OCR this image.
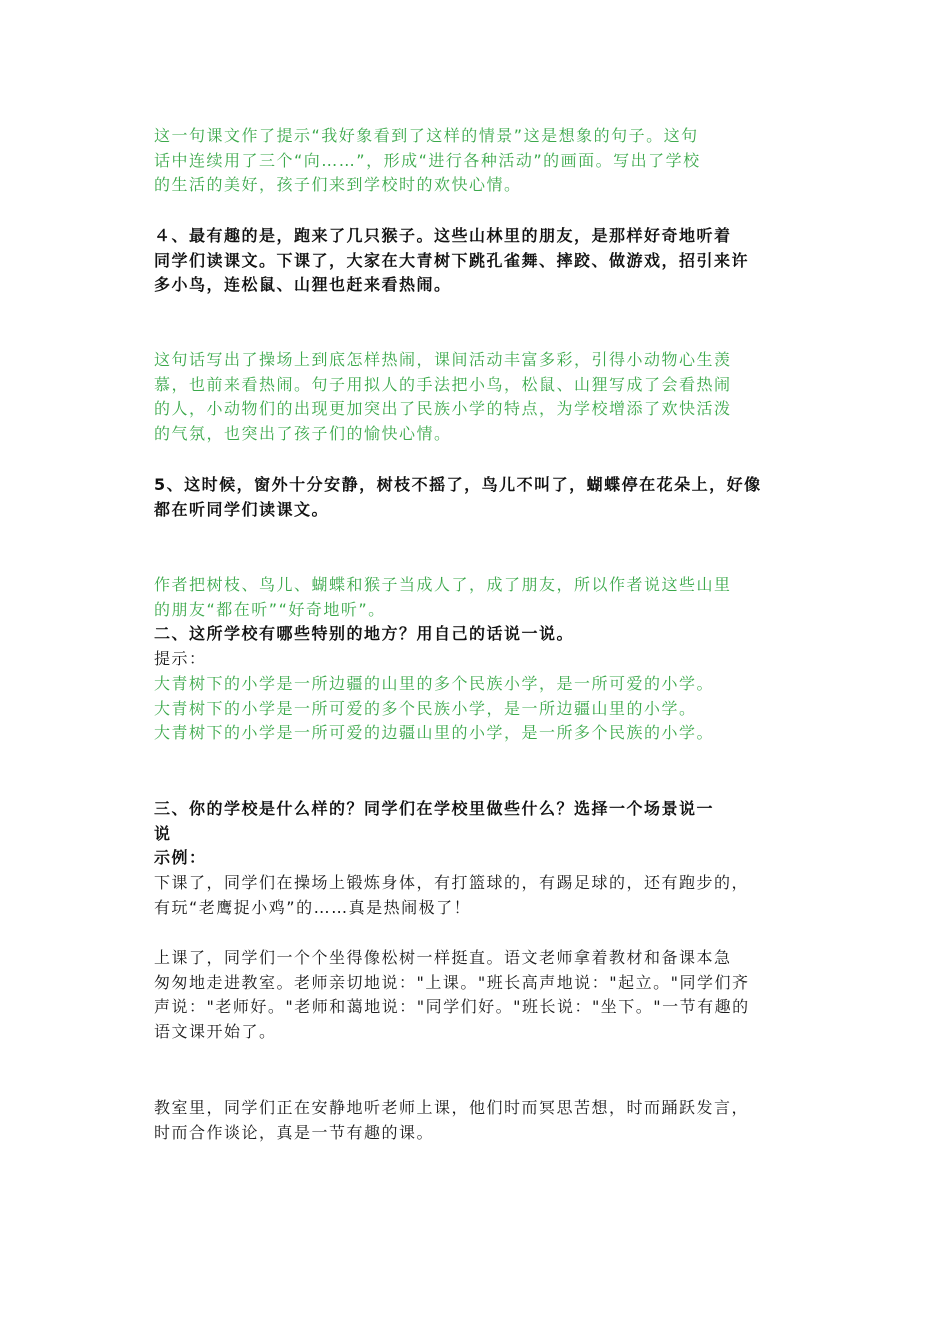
这一句课文作了提示“我好象看到了这样的情景”这是想象的句子。这句
话中连续用了三个“向……”，形成“进行各种活动”的画面。写出了学校
的生活的美好，孩子们来到学校时的欢快心情。
４、最有趣的是，跑来了几只猴子。这些山林里的朋友，是那样好奇地听着
同学们读课文。下课了，大家在大青树下跳孔雀舞、摔跤、做游戏，招引来许
多小鸟，连松鼠、山狸也赶来看热闹。
这句话写出了操场上到底怎样热闹，课间活动丰富多彩，引得小动物心生羡
慕，也前来看热闹。句子用拟人的手法把小鸟，松鼠、山狸写成了会看热闹
的人，小动物们的出现更加突出了民族小学的特点，为学校增添了欢快活泼
的气氛，也突出了孩子们的愉快心情。
5、这时候，窗外十分安静，树枝不摇了，鸟儿不叫了，蝴蝶停在花朵上，好像
都在听同学们读课文。
作者把树枝、鸟儿、蝴蝶和猴子当成人了，成了朋友，所以作者说这些山里
的朋友“都在听”“好奇地听”。
二、这所学校有哪些特别的地方？用自己的话说一说。
提示：
大青树下的小学是一所边疆的山里的多个民族小学，是一所可爱的小学。
大青树下的小学是一所可爱的多个民族小学，是一所边疆山里的小学。
大青树下的小学是一所可爱的边疆山里的小学，是一所多个民族的小学。
三、你的学校是什么样的？同学们在学校里做些什么？选择一个场景说一
说
示例：
下课了，同学们在操场上锻炼身体，有打篮球的，有踢足球的，还有跑步的，
有玩“老鹰捉小鸡”的……真是热闹极了！
上课了，同学们一个个坐得像松树一样挺直。语文老师拿着教材和备课本急
匆匆地走进教室。老师亲切地说："上课。"班长高声地说："起立。"同学们齐
声说："老师好。"老师和蔼地说："同学们好。"班长说："坐下。"一节有趣的
语文课开始了。
教室里，同学们正在安静地听老师上课，他们时而冥思苦想，时而踊跃发言，
时而合作谈论，真是一节有趣的课。
